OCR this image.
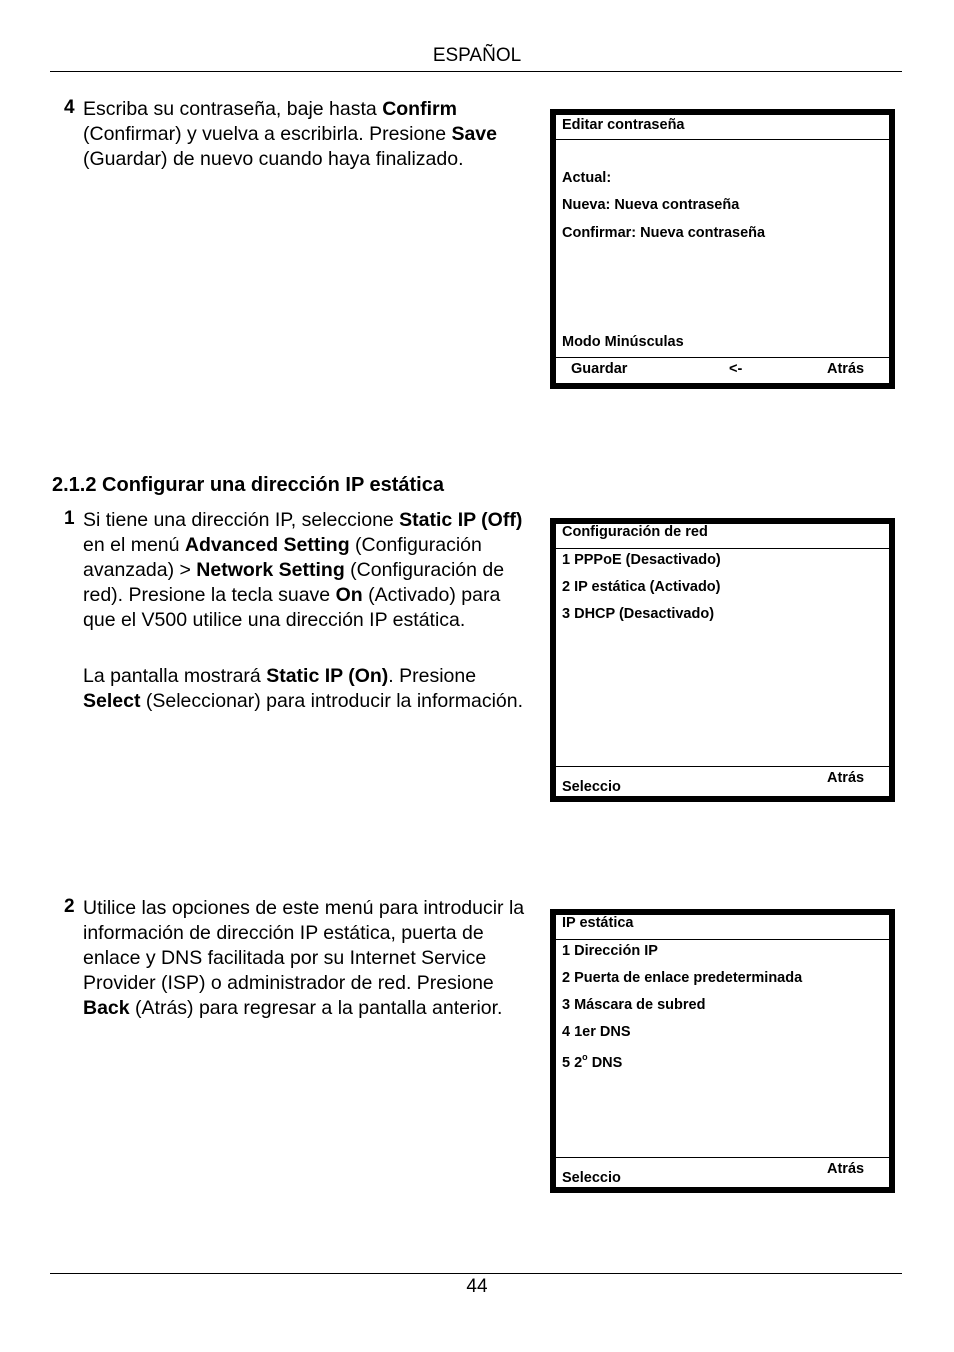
ESPAÑOL
4 Escriba su contraseña, baje hasta Confirm (Confirmar) y vuelva a escribirla. Presione Save (Guardar) de nuevo cuando haya finalizado.
Editar contraseña
Actual:
Nueva: Nueva contraseña
Confirmar: Nueva contraseña
Modo Minúsculas
Guardar	<-	Atrás
2.1.2 Configurar una dirección IP estática
1 Si tiene una dirección IP, seleccione Static IP (Off) en el menú Advanced Setting (Configuración avanzada) > Network Setting (Configuración de red). Presione la tecla suave On (Activado) para que el V500 utilice una dirección IP estática.
La pantalla mostrará Static IP (On). Presione Select (Seleccionar) para introducir la información.
Configuración de red
1 PPPoE (Desactivado)
2 IP estática (Activado)
3 DHCP (Desactivado)
Seleccio
Atrás
2 Utilice las opciones de este menú para introducir la información de dirección IP estática, puerta de enlace y DNS facilitada por su Internet Service Provider (ISP) o administrador de red. Presione Back (Atrás) para regresar a la pantalla anterior.
IP estática
1 Dirección IP
2 Puerta de enlace predeterminada
3 Máscara de subred
4 1er DNS
5 2$^o$ DNS
Seleccio
Atrás
44
